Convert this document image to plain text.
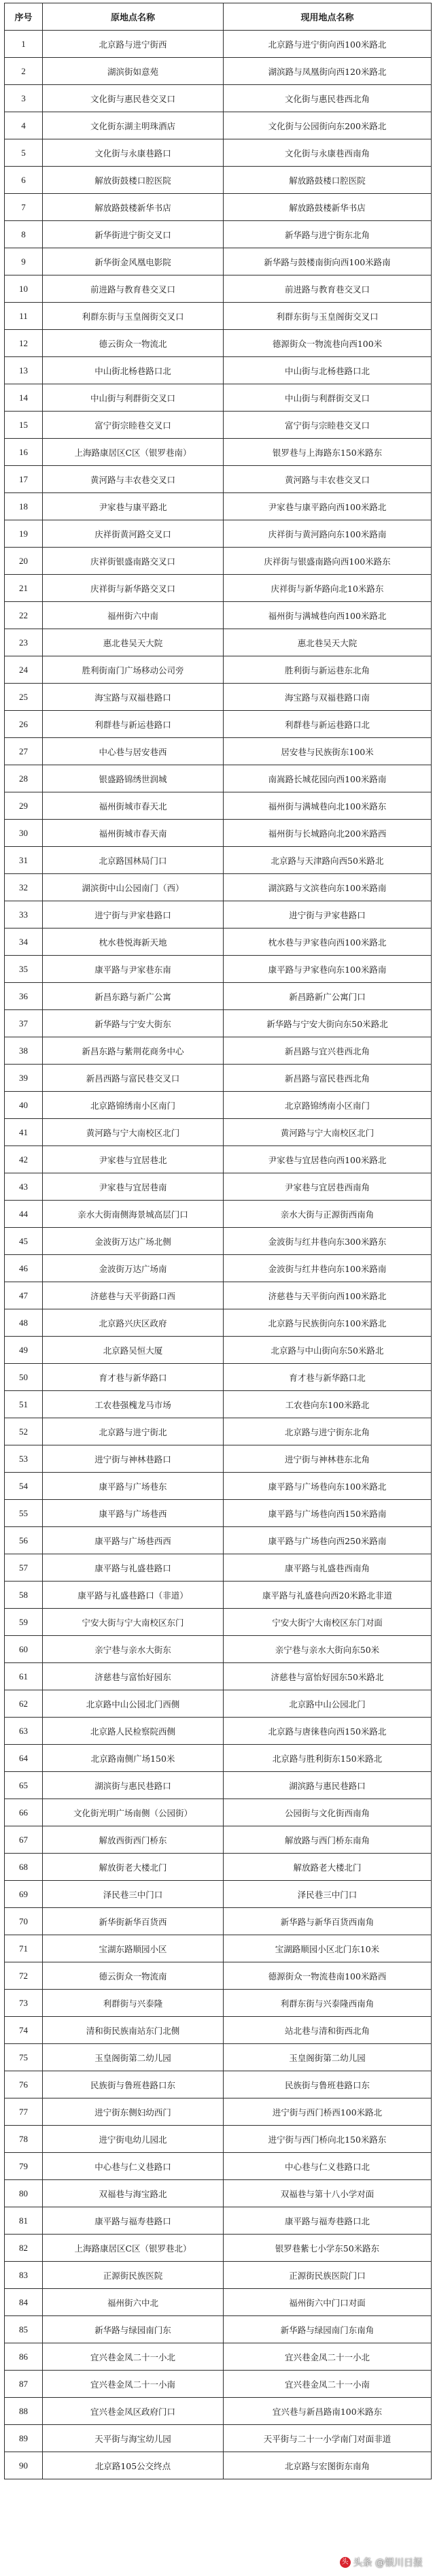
序号	原地点名称	现用地点名称
1	北京路与进宁街西	北京路与进宁街向西100米路北
2	湖滨街如意苑	湖滨路与凤凰街向西120米路北
3	文化街与惠民巷交叉口	文化街与惠民巷西北角
4	文化街东湖主明珠酒店	文化街与公园街向东200米路北
5	文化街与永康巷路口	文化街与永康巷西南角
6	解放街鼓楼口腔医院	解放路鼓楼口腔医院
7	解放路鼓楼新华书店	解放路鼓楼新华书店
8	新华街进宁街交叉口	新华路与进宁街东北角
9	新华街金风凰电影院	新华路与鼓楼南街向西100米路南
10	前进路与教育巷交叉口	前进路与教育巷交叉口
11	利群东街与玉皇阁街交叉口	利群东街与玉皇阁街交叉口
12	德云街众一物流北	德源街众一物流巷向西100米
13	中山街北杨巷路口北	中山街与北杨巷路口北
14	中山街与利群街交叉口	中山街与利群街交叉口
15	富宁街宗睦巷交叉口	富宁街与宗睦巷交叉口
16	上海路康居区C区（银罗巷南）	银罗巷与上海路东150米路东
17	黄河路与丰农巷交叉口	黄河路与丰农巷交叉口
18	尹家巷与康平路北	尹家巷与康平路向西100米路北
19	庆祥街黄河路交叉口	庆祥街与黄河路向东100米路南
20	庆祥街银盛南路交叉口	庆祥街与银盛南路向西100米路东
21	庆祥街与新华路交叉口	庆祥街与新华路向北10米路东
22	福州街六中南	福州街与满城巷向西100米路北
23	惠北巷吴天大院	惠北巷吴天大院
24	胜利街南门广场移动公司旁	胜利街与新运巷东北角
25	海宝路与双福巷路口	海宝路与双福巷路口南
26	利群巷与新运巷路口	利群巷与新运巷路口北
27	中心巷与居安巷西	居安巷与民族街东100米
28	银盛路锦绣世润城	南嵩路长城花园向西100米路南
29	福州街城市春天北	福州街与满城巷向北100米路东
30	福州街城市春天南	福州街与长城路向北200米路西
31	北京路国林局门口	北京路与天津路向西50米路北
32	湖滨街中山公园南门（西）	湖滨路与文滨巷向东100米路南
33	进宁街与尹家巷路口	进宁街与尹家巷路口
34	枕水巷悦海新天地	枕水巷与尹家巷向西100米路北
35	康平路与尹家巷东南	康平路与尹家巷向东100米路南
36	新昌东路与新广公寓	新昌路新广公寓门口
37	新华路与宁安大街东	新华路与宁安大街向东50米路北
38	新昌东路与紫荆花商务中心	新昌路与宜兴巷西北角
39	新昌西路与富民巷交叉口	新昌路与富民巷西北角
40	北京路锦绣南小区南门	北京路锦绣南小区南门
41	黄河路与宁大南校区北门	黄河路与宁大南校区北门
42	尹家巷与宜居巷北	尹家巷与宜居巷向西100米路北
43	尹家巷与宜居巷南	尹家巷与宜居巷西南角
44	亲水大街南侧海景城高层门口	亲水大街与正源街西南角
45	金波街万达广场北侧	金波街与红井巷向东300米路东
46	金波街万达广场南	金波街与红井巷向东100米路南
47	济慈巷与天平街路口西	济慈巷与天平街向西100米路北
48	北京路兴庆区政府	北京路与民族街向东100米路北
49	北京路吴恒大厦	北京路与中山街向东50米路北
50	育才巷与新华路口	育才巷与新华路口北
51	工农巷强槐龙马市场	工农巷向东100米路北
52	北京路与进宁街北	北京路与进宁街东北角
53	进宁街与神林巷路口	进宁街与神林巷东北角
54	康平路与广场巷东	康平路与广场巷向东100米路北
55	康平路与广场巷西	康平路与广场巷向西150米路南
56	康平路与广场巷西西	康平路与广场巷向西250米路南
57	康平路与礼盛巷路口	康平路与礼盛巷西南角
58	康平路与礼盛巷路口（非道）	康平路与礼盛巷向西20米路北非道
59	宁安大街与宁大南校区东门	宁安大街宁大南校区东门对面
60	亲宁巷与亲水大街东	亲宁巷与亲水大街向东50米
61	济慈巷与富怡好园东	济慈巷与富怡好园东50米路北
62	北京路中山公园北门西侧	北京路中山公园北门
63	北京路人民检察院西侧	北京路与唐徕巷向西150米路北
64	北京路南侧广场150米	北京路与胜利街东150米路北
65	湖滨街与惠民巷路口	湖滨路与惠民巷路口
66	文化街光明广场南侧（公园街）	公园街与文化街西南角
67	解放西街西门桥东	解放路与西门桥东南角
68	解放街老大楼北门	解放路老大楼北门
69	泽民巷三中门口	泽民巷三中门口
70	新华街新华百货西	新华路与新华百货西南角
71	宝湖东路顺园小区	宝湖路顺园小区北门东10米
72	德云街众一物流南	德源街众一物流巷南100米路西
73	利群街与兴泰隆	利群东街与兴泰隆西南角
74	清和街民族南站东门北侧	站北巷与清和街西北角
75	玉皇阁街第二幼儿园	玉皇阁街第二幼儿园
76	民族街与鲁班巷路口东	民族街与鲁班巷路口东
77	进宁街东侧妇幼西门	进宁街与西门桥西100米路北
78	进宁街电幼儿园北	进宁街与西门桥向北150米路东
79	中心巷与仁义巷路口	中心巷与仁义巷路口北
80	双福巷与海宝路北	双福巷与第十八小学对面
81	康平路与福寿巷路口	康平路与福寿巷路口北
82	上海路康居区C区（银罗巷北）	银罗巷紫七小学东50米路东
83	正源街民族医院	正源街民族医院门口
84	福州街六中北	福州街六中门口对面
85	新华路与绿园南门东	新华路与绿园南门东南角
86	宜兴巷金凤二十一小北	宜兴巷金凤二十一小北
87	宜兴巷金凤二十一小南	宜兴巷金凤二十一小南
88	宜兴巷金凤区政府门口	宜兴巷与新昌路南100米路东
89	天平街与海宝幼儿园	天平街与二十一小学南门对面非道
90	北京路105公交终点	北京路与宏图街东南角
头 头条 @银川日报
